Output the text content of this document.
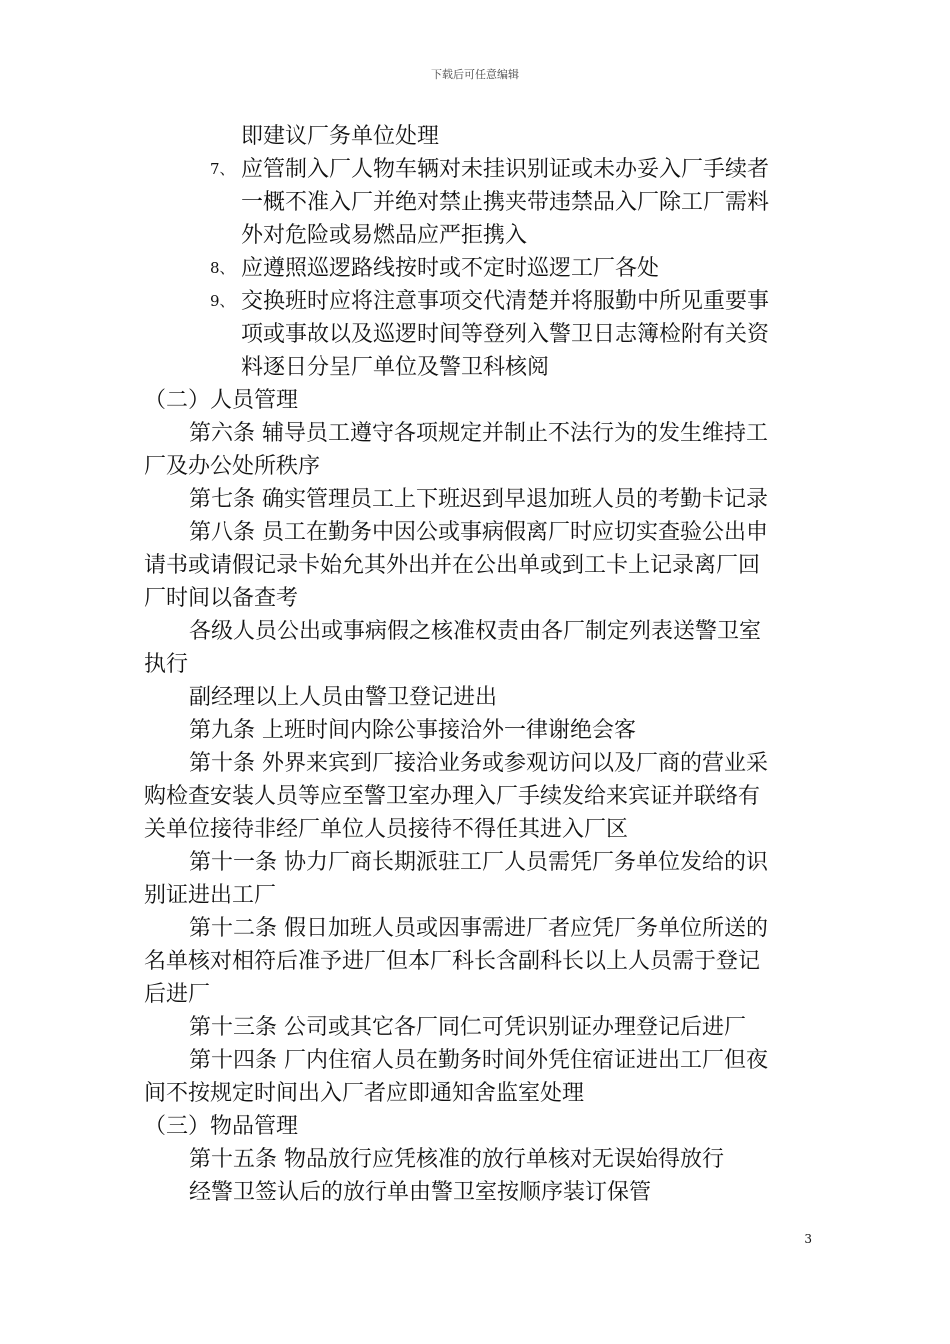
下载后可任意编辑
即建议厂务单位处理
7、 应管制入厂人物车辆对未挂识别证或未办妥入厂手续者
一概不准入厂并绝对禁止携夹带违禁品入厂除工厂需料
外对危险或易燃品应严拒携入
8、 应遵照巡逻路线按时或不定时巡逻工厂各处
9、 交换班时应将注意事项交代清楚并将服勤中所见重要事
项或事故以及巡逻时间等登列入警卫日志簿检附有关资
料逐日分呈厂单位及警卫科核阅
（二）人员管理
第六条 辅导员工遵守各项规定并制止不法行为的发生维持工
厂及办公处所秩序
第七条 确实管理员工上下班迟到早退加班人员的考勤卡记录
第八条 员工在勤务中因公或事病假离厂时应切实查验公出申
请书或请假记录卡始允其外出并在公出单或到工卡上记录离厂回
厂时间以备查考
各级人员公出或事病假之核准权责由各厂制定列表送警卫室
执行
副经理以上人员由警卫登记进出
第九条 上班时间内除公事接洽外一律谢绝会客
第十条 外界来宾到厂接洽业务或参观访问以及厂商的营业采
购检查安装人员等应至警卫室办理入厂手续发给来宾证并联络有
关单位接待非经厂单位人员接待不得任其进入厂区
第十一条 协力厂商长期派驻工厂人员需凭厂务单位发给的识
别证进出工厂
第十二条 假日加班人员或因事需进厂者应凭厂务单位所送的
名单核对相符后准予进厂但本厂科长含副科长以上人员需于登记
后进厂
第十三条 公司或其它各厂同仁可凭识别证办理登记后进厂
第十四条 厂内住宿人员在勤务时间外凭住宿证进出工厂但夜
间不按规定时间出入厂者应即通知舍监室处理
（三）物品管理
第十五条 物品放行应凭核准的放行单核对无误始得放行
经警卫签认后的放行单由警卫室按顺序装订保管
3
